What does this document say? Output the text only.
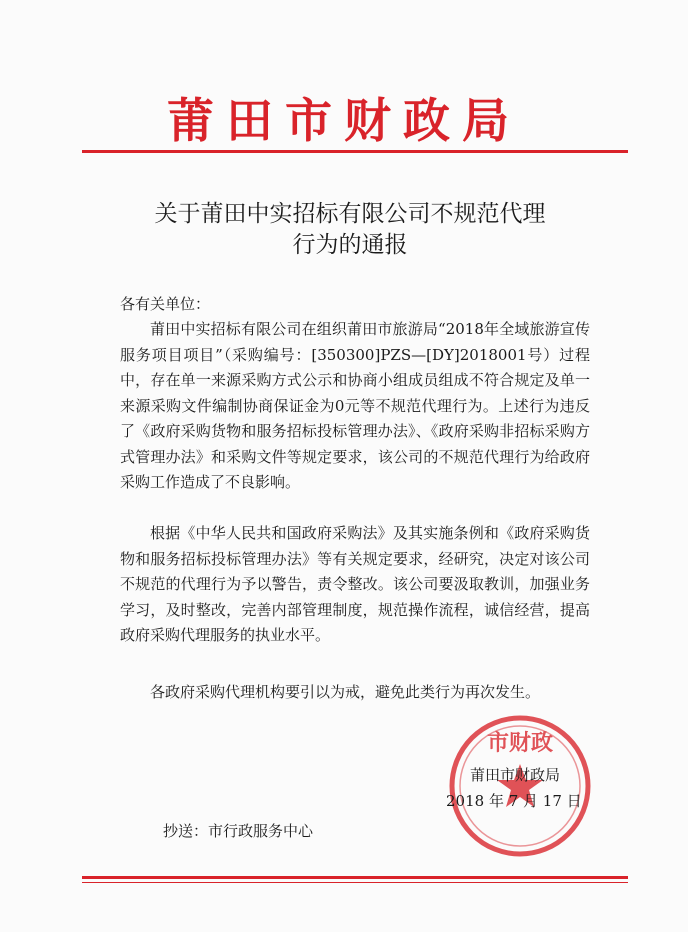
莆田市财政局
关于莆田中实招标有限公司不规范代理
行为的通报
各有关单位：

莆田中实招标有限公司在组织莆田市旅游局“2018年全域旅游宣传服务项目项目”（采购编号：[350300]PZS—[DY]2018001号）过程中，存在单一来源采购方式公示和协商小组成员组成不符合规定及单一来源采购文件编制协商保证金为0元等不规范代理行为。上述行为违反了《政府采购货物和服务招标投标管理办法》、《政府采购非招标采购方式管理办法》和采购文件等规定要求，该公司的不规范代理行为给政府采购工作造成了不良影响。

根据《中华人民共和国政府采购法》及其实施条例和《政府采购货物和服务招标投标管理办法》等有关规定要求，经研究，决定对该公司不规范的代理行为予以警告，责令整改。该公司要汲取教训，加强业务学习，及时整改，完善内部管理制度，规范操作流程，诚信经营，提高政府采购代理服务的执业水平。

各政府采购代理机构要引以为戒，避免此类行为再次发生。

市财政
莆田市财政局
2018 年 7 月 17 日
抄送：市行政服务中心
